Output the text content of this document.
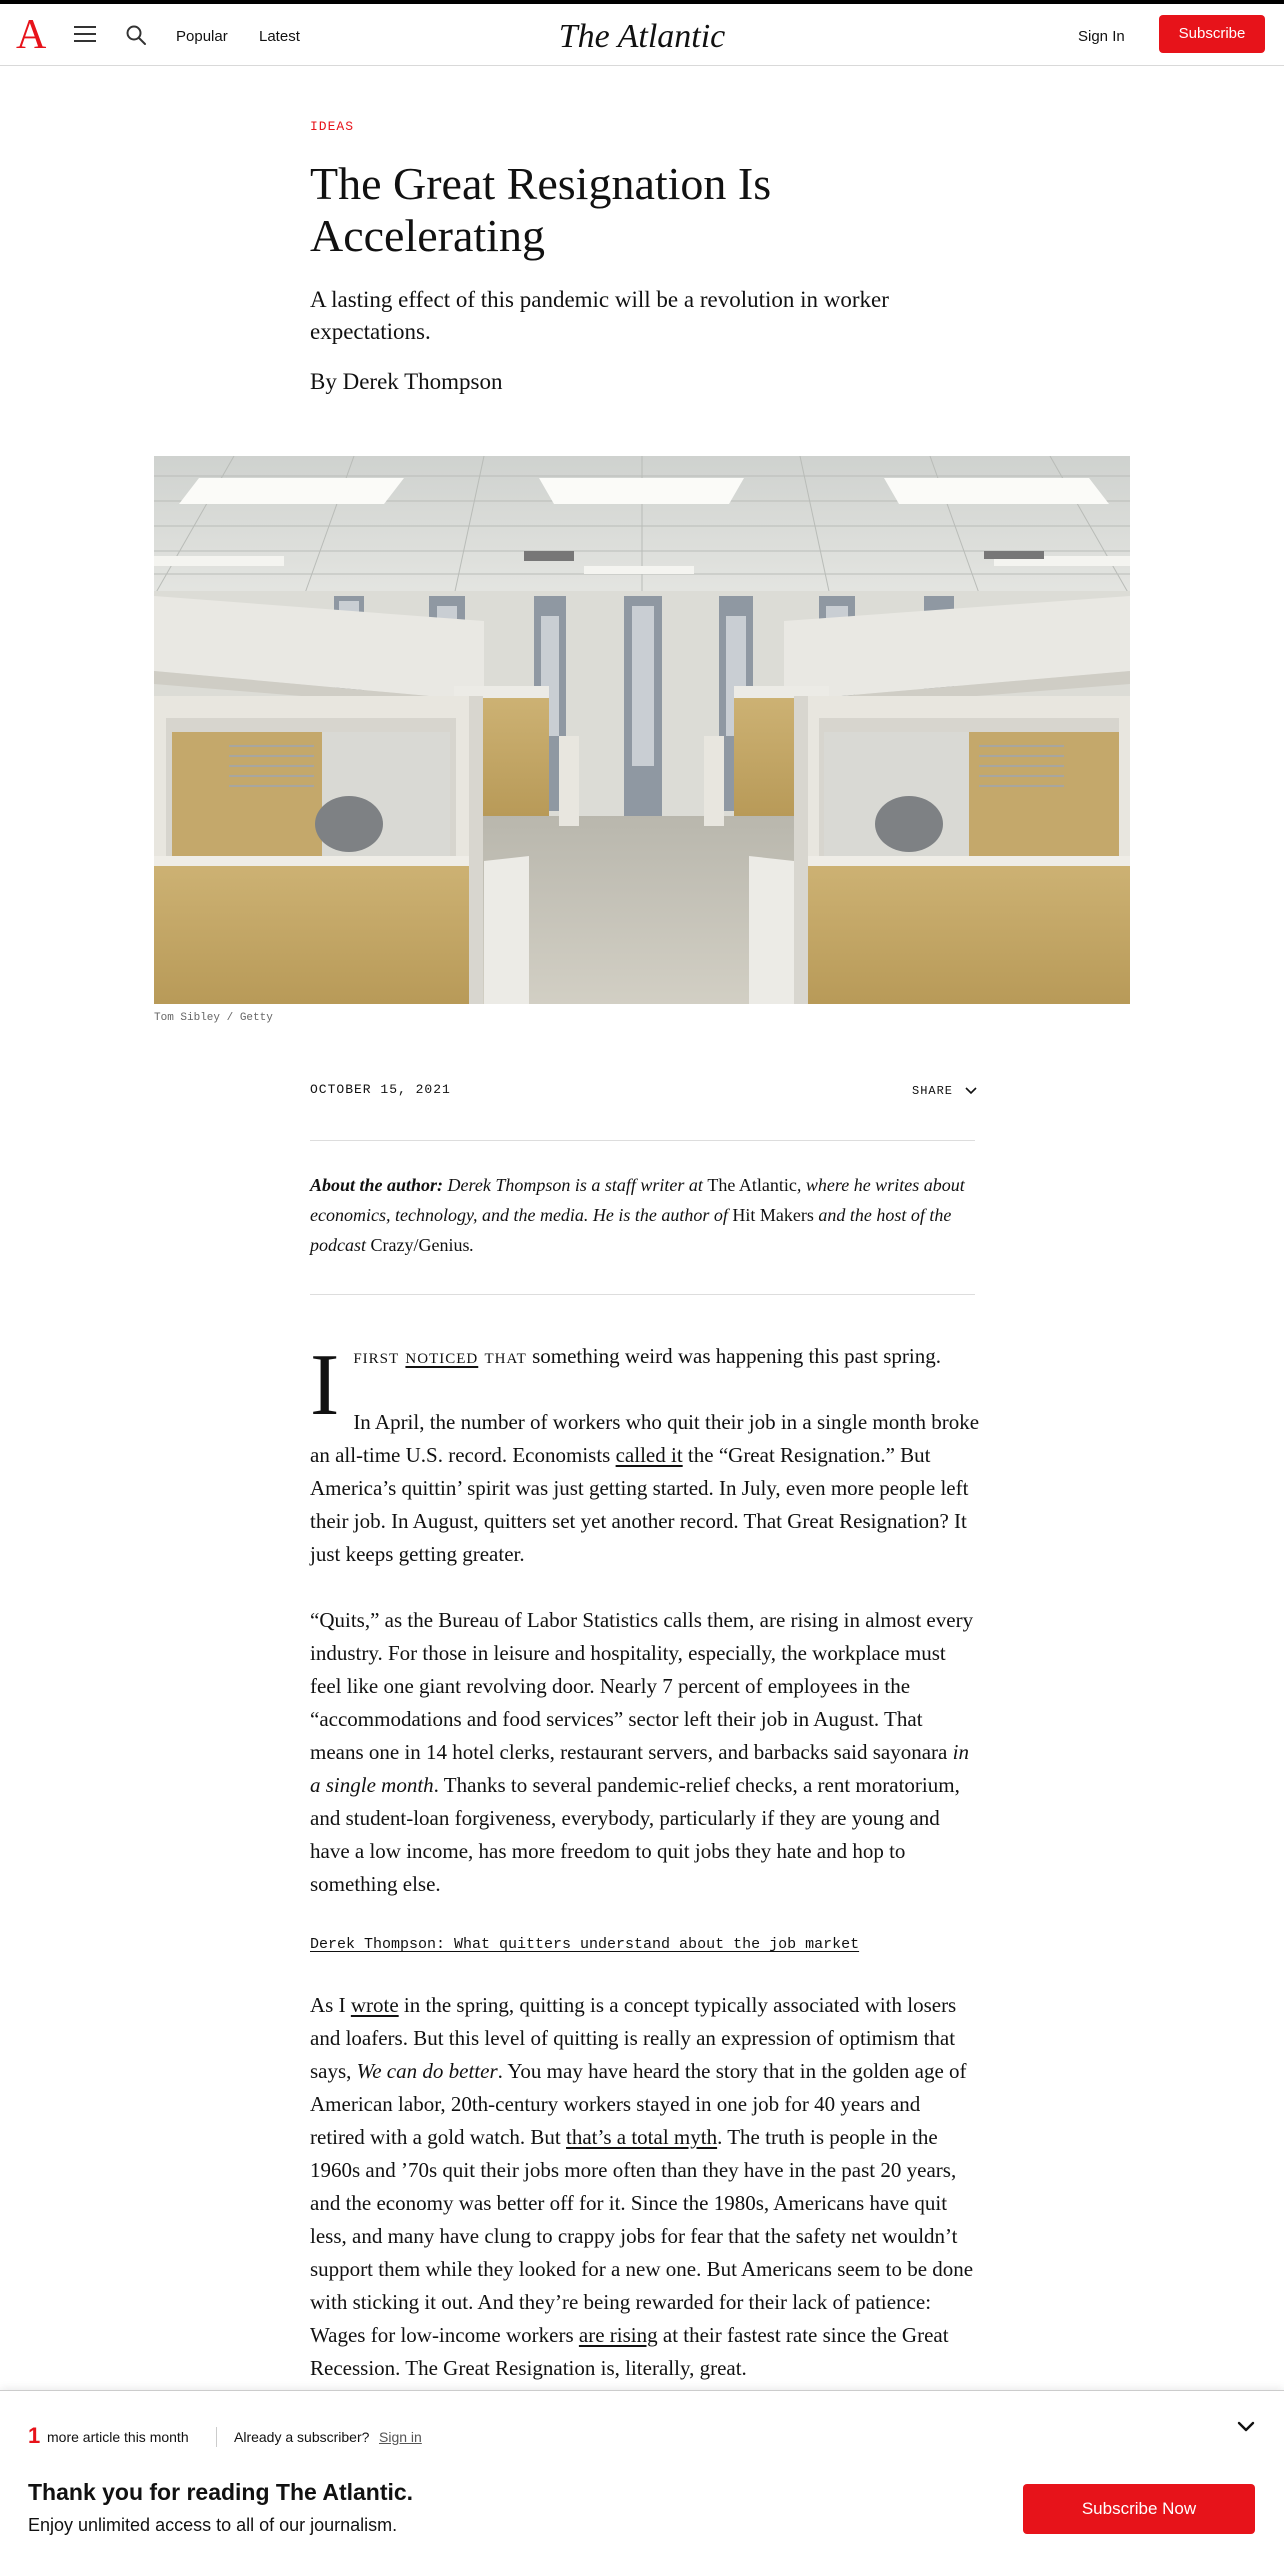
A	Popular Latest	The Atlantic	Sign In	Subscribe
IDEAS
The Great Resignation Is Accelerating

A lasting effect of this pandemic will be a revolution in worker expectations.

By Derek Thompson
Tom Sibley / Getty
OCTOBER 15, 2021	SHARE
About the author: Derek Thompson is a staff writer at The Atlantic, where he writes about economics, technology, and the media. He is the author of Hit Makers and the host of the podcast Crazy/Genius.

Ifirst noticed that something weird was happening this past spring.

In April, the number of workers who quit their job in a single month broke an all-time U.S. record. Economists called it the “Great Resignation.” But America’s quittin’ spirit was just getting started. In July, even more people left their job. In August, quitters set yet another record. That Great Resignation? It just keeps getting greater.

“Quits,” as the Bureau of Labor Statistics calls them, are rising in almost every industry. For those in leisure and hospitality, especially, the workplace must feel like one giant revolving door. Nearly 7 percent of employees in the “accommodations and food services” sector left their job in August. That means one in 14 hotel clerks, restaurant servers, and barbacks said sayonara in a single month. Thanks to several pandemic-relief checks, a rent moratorium, and student-loan forgiveness, everybody, particularly if they are young and have a low income, has more freedom to quit jobs they hate and hop to something else.

Derek Thompson: What quitters understand about the job market

As I wrote in the spring, quitting is a concept typically associated with losers and loafers. But this level of quitting is really an expression of optimism that says, We can do better. You may have heard the story that in the golden age of American labor, 20th-century workers stayed in one job for 40 years and retired with a gold watch. But that’s a total myth. The truth is people in the 1960s and ’70s quit their jobs more often than they have in the past 20 years, and the economy was better off for it. Since the 1980s, Americans have quit less, and many have clung to crappy jobs for fear that the safety net wouldn’t support them while they looked for a new one. But Americans seem to be done with sticking it out. And they’re being rewarded for their lack of patience: Wages for low-income workers are rising at their fastest rate since the Great Recession. The Great Resignation is, literally, great.

1 more article this month	Already a subscriber? Sign in
Thank you for reading The Atlantic.
Enjoy unlimited access to all of our journalism.
Subscribe Now
